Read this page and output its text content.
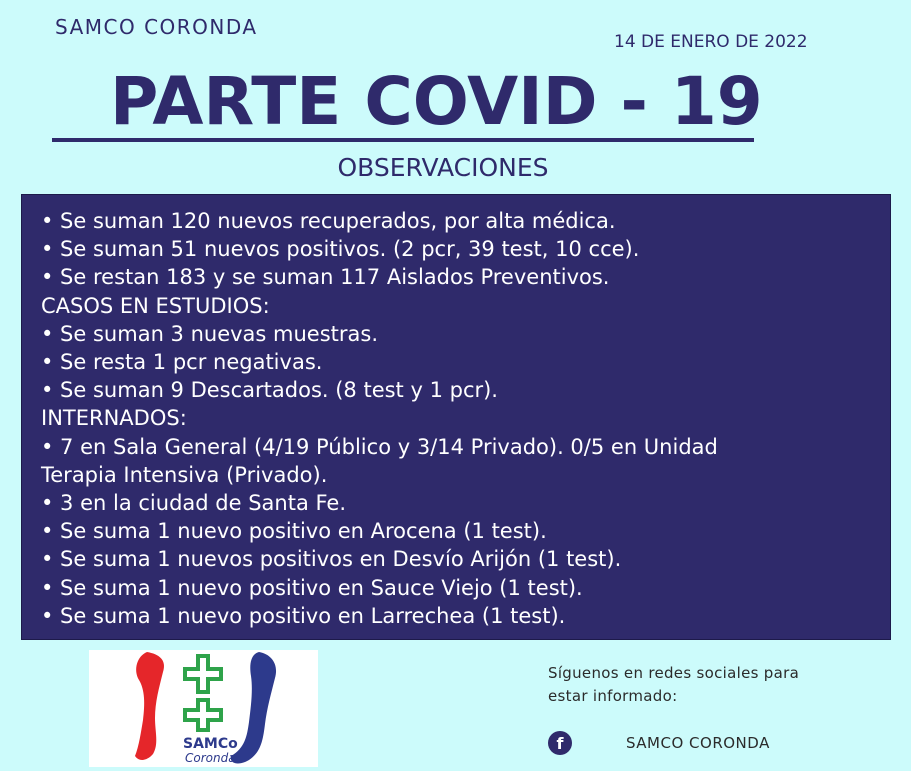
SAMCO CORONDA
14 DE ENERO DE 2022
PARTE COVID - 19
OBSERVACIONES
• Se suman 120 nuevos recuperados, por alta médica.
• Se suman 51 nuevos positivos. (2 pcr, 39 test, 10 cce).
• Se restan 183 y se suman 117 Aislados Preventivos.
CASOS EN ESTUDIOS:
• Se suman 3 nuevas muestras.
• Se resta 1 pcr negativas.
• Se suman 9 Descartados. (8 test y 1 pcr).
INTERNADOS:
• 7 en Sala General (4/19 Público y 3/14 Privado). 0/5 en Unidad
Terapia Intensiva (Privado).
• 3 en la ciudad de Santa Fe.
• Se suma 1 nuevo positivo en Arocena (1 test).
• Se suma 1 nuevos positivos en Desvío Arijón (1 test).
• Se suma 1 nuevo positivo en Sauce Viejo (1 test).
• Se suma 1 nuevo positivo en Larrechea (1 test).
SAMCo
Coronda
Síguenos en redes sociales para
estar informado:
f	SAMCO CORONDA
